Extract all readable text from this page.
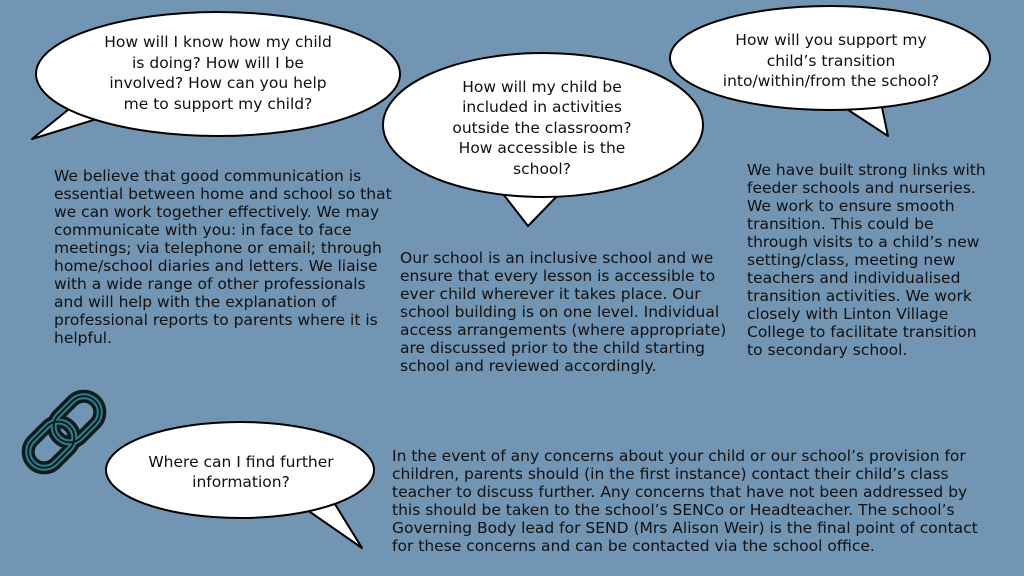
How will I know how my child is doing? How will I be involved? How can you help me to support my child?
How will my child be included in activities outside the classroom? How accessible is the school?
How will you support my child’s transition into/within/from the school?
Where can I find further information?

We believe that good communication is essential between home and school so that we can work together effectively. We may communicate with you: in face to face meetings; via telephone or email; through home/school diaries and letters. We liaise with a wide range of other professionals and will help with the explanation of professional reports to parents where it is helpful.

Our school is an inclusive school and we ensure that every lesson is accessible to ever child wherever it takes place. Our school building is on one level. Individual access arrangements (where appropriate) are discussed prior to the child starting school and reviewed accordingly.

We have built strong links with feeder schools and nurseries. We work to ensure smooth transition. This could be through visits to a child’s new setting/class, meeting new teachers and individualised transition activities. We work closely with Linton Village College to facilitate transition to secondary school.

In the event of any concerns about your child or our school’s provision for children, parents should (in the first instance) contact their child’s class teacher to discuss further. Any concerns that have not been addressed by this should be taken to the school’s SENCo or Headteacher. The school’s Governing Body lead for SEND (Mrs Alison Weir) is the final point of contact for these concerns and can be contacted via the school office.
